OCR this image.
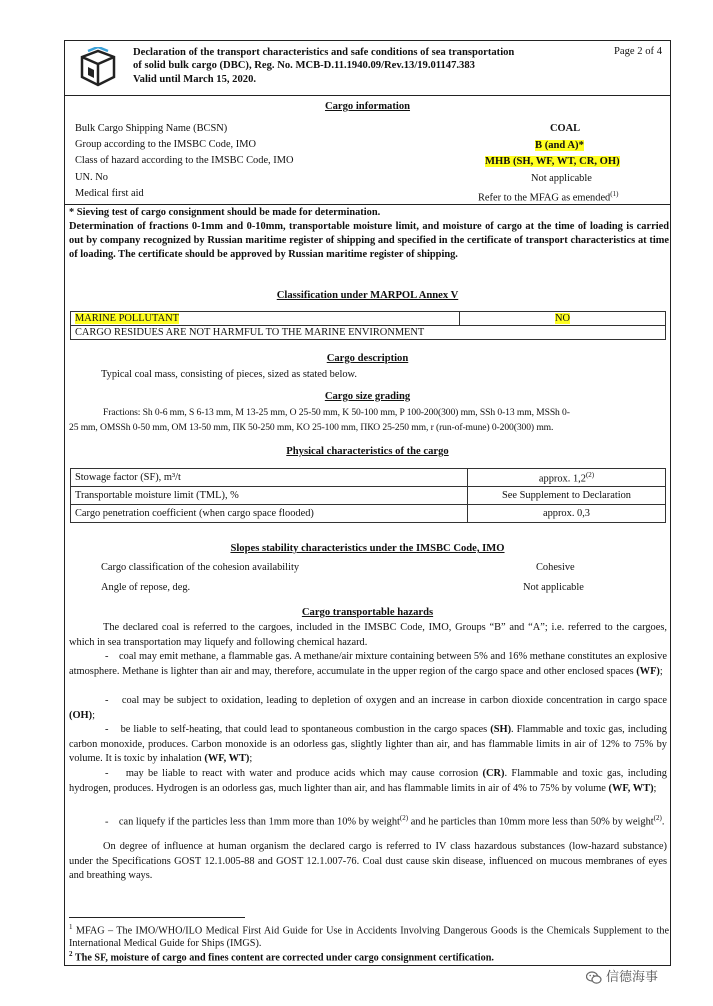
Declaration of the transport characteristics and safe conditions of sea transportation
of solid bulk cargo (DBC), Reg. No. MCB-D.11.1940.09/Rev.13/19.01147.383
Valid until March 15, 2020.
Page 2 of 4
Cargo information
Bulk Cargo Shipping Name (BCSN)	COAL
Group according to the IMSBC Code, IMO	B (and A)*
Class of hazard according to the IMSBC Code, IMO	MHB (SH, WF, WT, CR, OH)
UN. No	Not applicable
Medical first aid	Refer to the MFAG as emended$^{(1)}$
* Sieving test of cargo consignment should be made for determination.
Determination of fractions 0-1mm and 0-10mm, transportable moisture limit, and moisture of cargo at the time of loading is carried out by company recognized by Russian maritime register of shipping and specified in the certificate of transport characteristics at time of loading. The certificate should be approved by Russian maritime register of shipping.
Classification under MARPOL Annex V
MARINE POLLUTANT	NO
CARGO RESIDUES ARE NOT HARMFUL TO THE MARINE ENVIRONMENT
Cargo description
Typical coal mass, consisting of pieces, sized as stated below.
Cargo size grading
Fractions: Sh 0-6 mm, S 6-13 mm, M 13-25 mm, O 25-50 mm, K 50-100 mm, P 100-200(300) mm, SSh 0-13 mm, MSSh 0-
25 mm, OMSSh 0-50 mm, OM 13-50 mm, ПК 50-250 mm, KO 25-100 mm, ПКО 25-250 mm, r (run-of-mune) 0-200(300) mm.
Physical characteristics of the cargo
Stowage factor (SF), m³/t	approx. 1,2$^{(2)}$
Transportable moisture limit (TML), %	See Supplement to Declaration
Cargo penetration coefficient (when cargo space flooded)	approx. 0,3
Slopes stability characteristics under the IMSBC Code, IMO
Cargo classification of the cohesion availability	Cohesive
Angle of repose, deg.	Not applicable
Cargo transportable hazards
The declared coal is referred to the cargoes, included in the IMSBC Code, IMO, Groups “B” and “A”; i.e. referred to the cargoes, which in sea transportation may liquefy and following chemical hazard.
-    coal may emit methane, a flammable gas. A methane/air mixture containing between 5% and 16% methane constitutes an explosive atmosphere. Methane is lighter than air and may, therefore, accumulate in the upper region of the cargo space and other enclosed spaces (WF);
-    coal may be subject to oxidation, leading to depletion of oxygen and an increase in carbon dioxide concentration in cargo space (OH);
-    be liable to self-heating, that could lead to spontaneous combustion in the cargo spaces (SH). Flammable and toxic gas, including carbon monoxide, produces. Carbon monoxide is an odorless gas, slightly lighter than air, and has flammable limits in air of 12% to 75% by volume. It is toxic by inhalation (WF, WT);
-    may be liable to react with water and produce acids which may cause corrosion (CR). Flammable and toxic gas, including hydrogen, produces. Hydrogen is an odorless gas, much lighter than air, and has flammable limits in air of 4% to 75% by volume (WF, WT);
-    can liquefy if the particles less than 1mm more than 10% by weight$^{(2)}$ and he particles than 10mm more less than 50% by weight$^{(2)}$.
On degree of influence at human organism the declared cargo is referred to IV class hazardous substances (low-hazard substance) under the Specifications GOST 12.1.005-88 and GOST 12.1.007-76. Coal dust cause skin disease, influenced on mucous membranes of eyes and breathing ways.
$^1$ MFAG – The IMO/WHO/ILO Medical First Aid Guide for Use in Accidents Involving Dangerous Goods is the Chemicals Supplement to the International Medical Guide for Ships (IMGS).
$^2$ The SF, moisture of cargo and fines content are corrected under cargo consignment certification.
信德海事
